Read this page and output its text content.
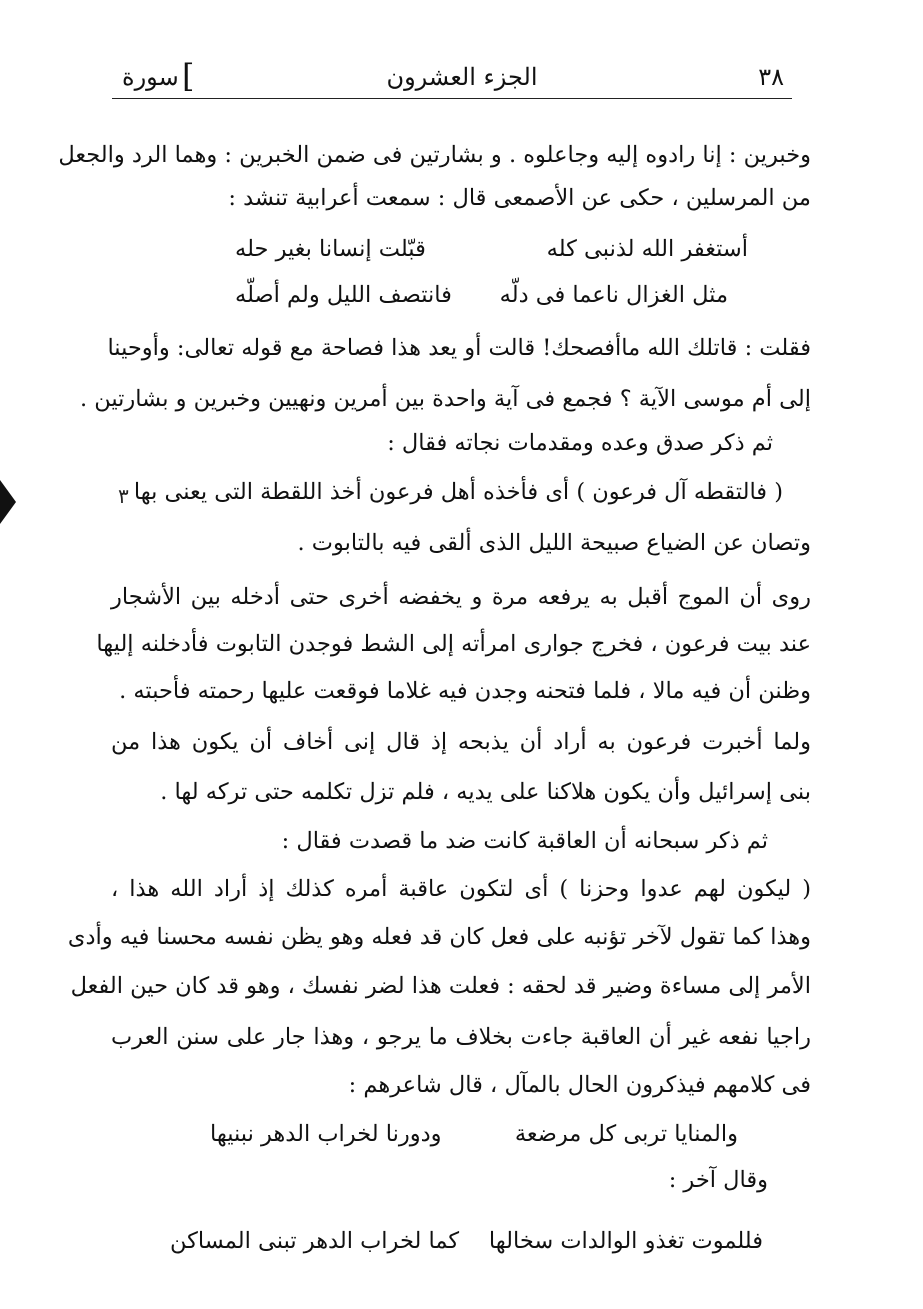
٣٨
الجزء العشرون
سورة [
وخبرين : إنا رادوه إليه وجاعلوه . و بشارتين فى ضمن الخبرين : وهما الرد والجعل
من المرسلين ، حكى عن الأصمعى قال : سمعت أعرابية تنشد :
أستغفر الله لذنبى كله
قبّلت إنسانا بغير حله
مثل الغزال ناعما فى دلّه
فانتصف الليل ولم أصلّه
فقلت : قاتلك الله ماأفصحك! قالت أو يعد هذا فصاحة مع قوله تعالى: وأوحينا
إلى أم موسى الآية ؟ فجمع فى آية واحدة بين أمرين ونهيين وخبرين و بشارتين .
ثم ذكر صدق وعده ومقدمات نجاته فقال :
( فالتقطه آل فرعون ) أى فأخذه أهل فرعون أخذ اللقطة التى يعنى بها
٣
وتصان عن الضياع صبيحة الليل الذى ألقى فيه بالتابوت .
روى أن الموج أقبل به يرفعه مرة و يخفضه أخرى حتى أدخله بين الأشجار
عند بيت فرعون ، فخرج جوارى امرأته إلى الشط فوجدن التابوت فأدخلنه إليها
وظنن أن فيه مالا ، فلما فتحنه وجدن فيه غلاما فوقعت عليها رحمته فأحبته .
ولما أخبرت فرعون به أراد أن يذبحه إذ قال إنى أخاف أن يكون هذا من
بنى إسرائيل وأن يكون هلاكنا على يديه ، فلم تزل تكلمه حتى تركه لها .
ثم ذكر سبحانه أن العاقبة كانت ضد ما قصدت فقال :
( ليكون لهم عدوا وحزنا ) أى لتكون عاقبة أمره كذلك إذ أراد الله هذا ،
وهذا كما تقول لآخر تؤنبه على فعل كان قد فعله وهو يظن نفسه محسنا فيه وأدى
الأمر إلى مساءة وضير قد لحقه : فعلت هذا لضر نفسك ، وهو قد كان حين الفعل
راجيا نفعه غير أن العاقبة جاءت بخلاف ما يرجو ، وهذا جار على سنن العرب
فى كلامهم فيذكرون الحال بالمآل ، قال شاعرهم :
والمنايا تربى كل مرضعة
ودورنا لخراب الدهر نبنيها
وقال آخر :
فللموت تغذو الوالدات سخالها
كما لخراب الدهر تبنى المساكن
